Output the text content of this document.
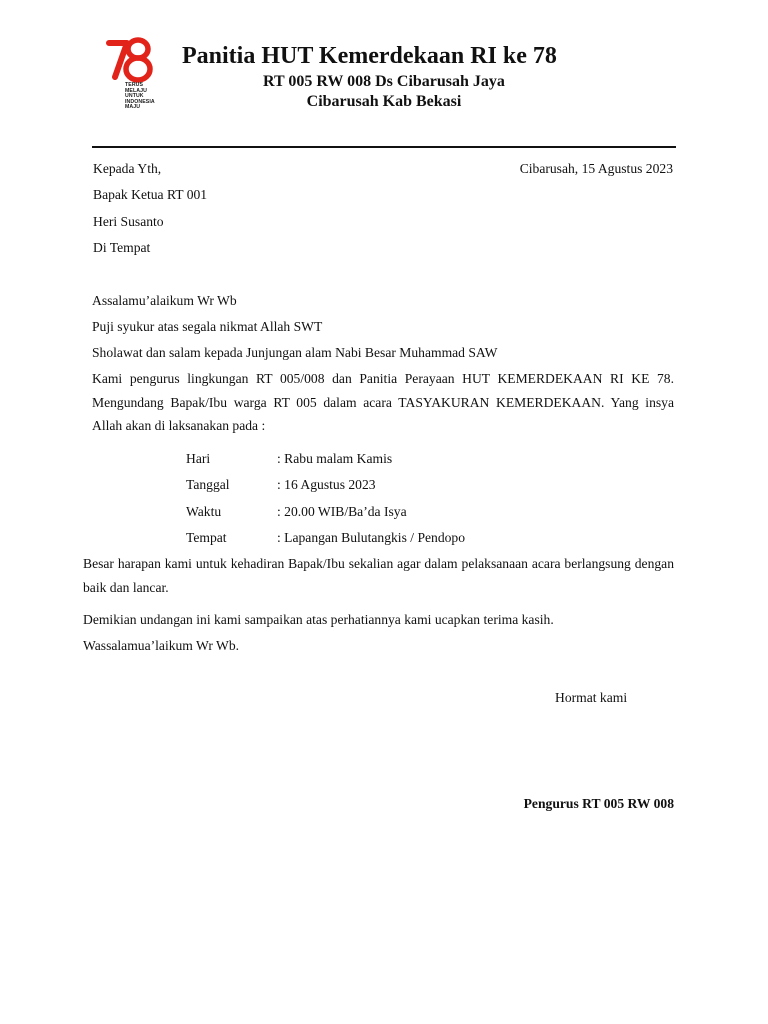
TERUS
MELAJU
UNTUK
INDONESIA
MAJU
Panitia HUT Kemerdekaan RI ke 78
RT 005 RW 008 Ds Cibarusah Jaya
Cibarusah Kab Bekasi
Kepada Yth,	Cibarusah, 15 Agustus 2023
Bapak Ketua RT 001
Heri Susanto
Di Tempat
Assalamu’alaikum Wr Wb
Puji syukur atas segala nikmat Allah SWT
Sholawat dan salam kepada Junjungan alam Nabi Besar Muhammad SAW
Kami pengurus lingkungan RT 005/008 dan Panitia Perayaan HUT KEMERDEKAAN RI KE 78. Mengundang Bapak/Ibu warga RT 005 dalam acara TASYAKURAN KEMERDEKAAN. Yang insya Allah akan di laksanakan pada :
Hari	: Rabu malam Kamis
Tanggal	: 16 Agustus 2023
Waktu	: 20.00 WIB/Ba’da Isya
Tempat	: Lapangan Bulutangkis / Pendopo
Besar harapan kami untuk kehadiran Bapak/Ibu sekalian agar dalam pelaksanaan acara berlangsung dengan baik dan lancar.
Demikian undangan ini kami sampaikan atas perhatiannya kami ucapkan terima kasih.
Wassalamua’laikum Wr Wb.
Hormat kami
Pengurus RT 005 RW 008
